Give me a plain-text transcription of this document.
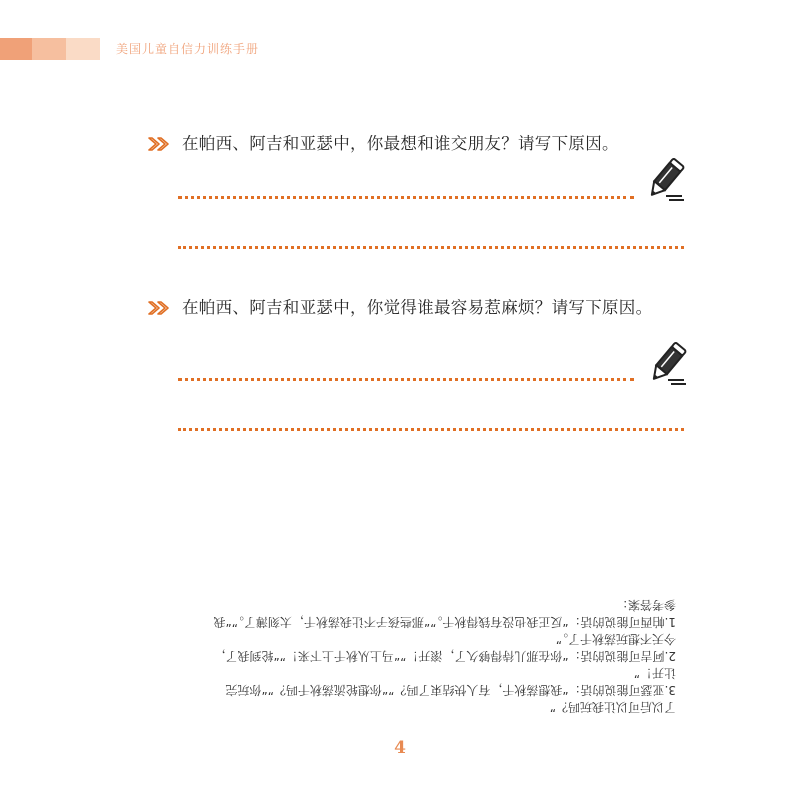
美国儿童自信力训练手册
在帕西、阿吉和亚瑟中，你最想和谁交朋友？请写下原因。
在帕西、阿吉和亚瑟中，你觉得谁最容易惹麻烦？请写下原因。

了以后可以让我玩吗？”

3.亚瑟可能说的话：“我想荡秋千，有人快结束了吗？”“你想轮流荡秋千吗？”“你玩完

让开！”

2.阿吉可能说的话：“你在那儿待得够久了，滚开！”“马上从秋千上下来！”“轮到我了，

今天不想玩荡秋千了。”

1.帕西可能说的话：“反正我也没有钱得秋千。”“那些孩子不让我荡秋千，太刻薄了。”“我

参考答案：

4
